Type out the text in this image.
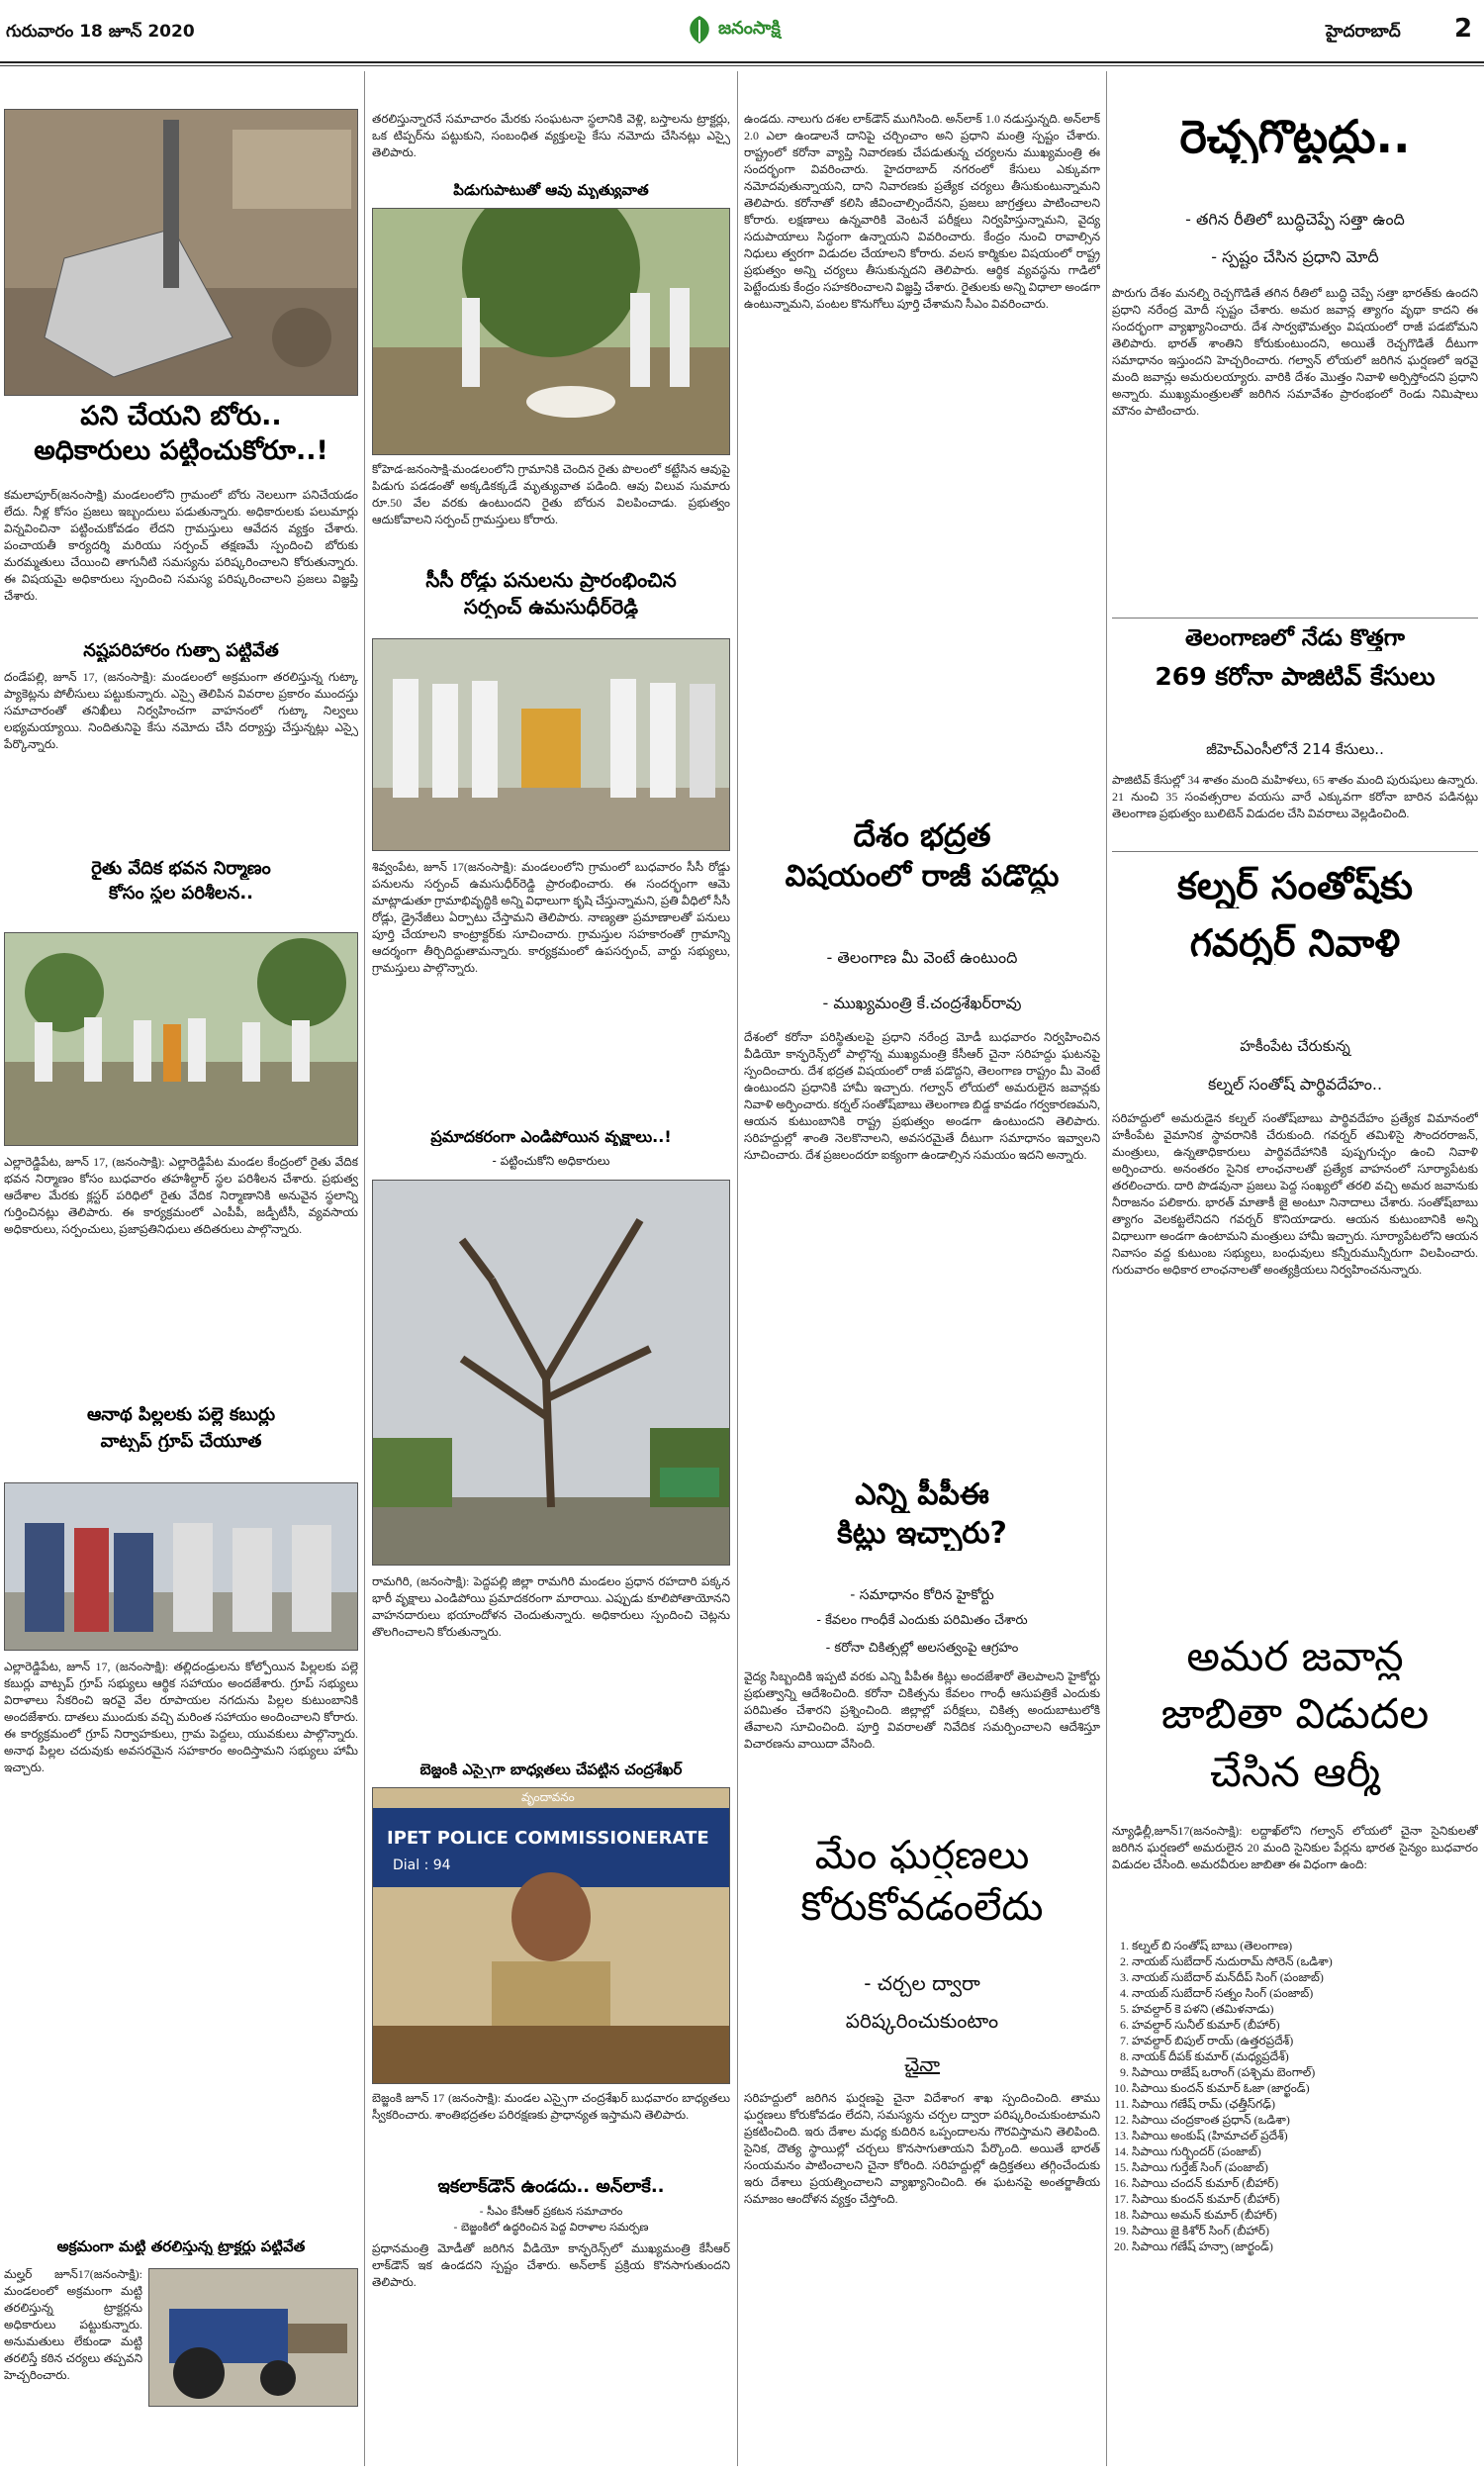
గురువారం 18 జూన్ 2020	జనంసాక్షి	హైదరాబాద్ 2

పని చేయని బోరు..

అధికారులు పట్టించుకోరూ..!

కమలాపూర్(జనంసాక్షి) మండలంలోని గ్రామంలో బోరు నెలలుగా పనిచేయడం లేదు. నీళ్ల కోసం ప్రజలు ఇబ్బందులు పడుతున్నారు. అధికారులకు పలుమార్లు విన్నవించినా పట్టించుకోవడం లేదని గ్రామస్తులు ఆవేదన వ్యక్తం చేశారు. పంచాయతీ కార్యదర్శి మరియు సర్పంచ్ తక్షణమే స్పందించి బోరుకు మరమ్మతులు చేయించి తాగునీటి సమస్యను పరిష్కరించాలని కోరుతున్నారు. ఈ విషయమై అధికారులు స్పందించి సమస్య పరిష్కరించాలని ప్రజలు విజ్ఞప్తి చేశారు.

నష్టపరిహారం గుత్పా పట్టివేత

దండేపల్లి, జూన్ 17, (జనంసాక్షి): మండలంలో అక్రమంగా తరలిస్తున్న గుట్కా ప్యాకెట్లను పోలీసులు పట్టుకున్నారు. ఎస్సై తెలిపిన వివరాల ప్రకారం ముందస్తు సమాచారంతో తనిఖీలు నిర్వహించగా వాహనంలో గుట్కా నిల్వలు లభ్యమయ్యాయి. నిందితునిపై కేసు నమోదు చేసి దర్యాప్తు చేస్తున్నట్లు ఎస్సై పేర్కొన్నారు.

రైతు వేదిక భవన నిర్మాణం

కోసం స్థల పరిశీలన..

ఎల్లారెడ్డిపేట, జూన్ 17, (జనంసాక్షి): ఎల్లారెడ్డిపేట మండల కేంద్రంలో రైతు వేదిక భవన నిర్మాణం కోసం బుధవారం తహశీల్దార్ స్థల పరిశీలన చేశారు. ప్రభుత్వ ఆదేశాల మేరకు క్లస్టర్ పరిధిలో రైతు వేదిక నిర్మాణానికి అనువైన స్థలాన్ని గుర్తించినట్లు తెలిపారు. ఈ కార్యక్రమంలో ఎంపీపీ, జడ్పీటీసీ, వ్యవసాయ అధికారులు, సర్పంచులు, ప్రజాప్రతినిధులు తదితరులు పాల్గొన్నారు.

ఆనాథ పిల్లలకు పల్లె కబుర్లు

వాట్సప్ గ్రూప్ చేయూత

ఎల్లారెడ్డిపేట, జూన్ 17, (జనంసాక్షి): తల్లిదండ్రులను కోల్పోయిన పిల్లలకు పల్లె కబుర్లు వాట్సప్ గ్రూప్ సభ్యులు ఆర్థిక సహాయం అందజేశారు. గ్రూప్ సభ్యులు విరాళాలు సేకరించి ఇరవై వేల రూపాయల నగదును పిల్లల కుటుంబానికి అందజేశారు. దాతలు ముందుకు వచ్చి మరింత సహాయం అందించాలని కోరారు. ఈ కార్యక్రమంలో గ్రూప్ నిర్వాహకులు, గ్రామ పెద్దలు, యువకులు పాల్గొన్నారు. అనాథ పిల్లల చదువుకు అవసరమైన సహకారం అందిస్తామని సభ్యులు హామీ ఇచ్చారు.

అక్రమంగా మట్టి తరలిస్తున్న ట్రాక్టర్లు పట్టివేత

మల్హర్ జూన్17(జనంసాక్షి): మండలంలో అక్రమంగా మట్టి తరలిస్తున్న ట్రాక్టర్లను అధికారులు పట్టుకున్నారు. అనుమతులు లేకుండా మట్టి తరలిస్తే కఠిన చర్యలు తప్పవని హెచ్చరించారు.

తరలిస్తున్నారనే సమాచారం మేరకు సంఘటనా స్థలానికి వెళ్లి, బస్తాలను ట్రాక్టర్లు, ఒక టిప్పర్‌ను పట్టుకుని, సంబంధిత వ్యక్తులపై కేసు నమోదు చేసినట్లు ఎస్సై తెలిపారు.

పిడుగుపాటుతో ఆవు మృత్యువాత

కోహెడ-జనంసాక్షి-మండలంలోని గ్రామానికి చెందిన రైతు పొలంలో కట్టేసిన ఆవుపై పిడుగు పడడంతో అక్కడికక్కడే మృత్యువాత పడింది. ఆవు విలువ సుమారు రూ.50 వేల వరకు ఉంటుందని రైతు బోరున విలపించాడు. ప్రభుత్వం ఆదుకోవాలని సర్పంచ్ గ్రామస్తులు కోరారు.

సీసీ రోడ్డు పనులను ప్రారంభించిన

సర్పంచ్ ఉమసుధీర్‌రెడ్డి

శివ్వంపేట, జూన్ 17(జనంసాక్షి): మండలంలోని గ్రామంలో బుధవారం సీసీ రోడ్డు పనులను సర్పంచ్ ఉమసుధీర్‌రెడ్డి ప్రారంభించారు. ఈ సందర్భంగా ఆమె మాట్లాడుతూ గ్రామాభివృద్ధికి అన్ని విధాలుగా కృషి చేస్తున్నామని, ప్రతి వీధిలో సీసీ రోడ్లు, డ్రైనేజీలు ఏర్పాటు చేస్తామని తెలిపారు. నాణ్యతా ప్రమాణాలతో పనులు పూర్తి చేయాలని కాంట్రాక్టర్‌కు సూచించారు. గ్రామస్తుల సహకారంతో గ్రామాన్ని ఆదర్శంగా తీర్చిదిద్దుతామన్నారు. కార్యక్రమంలో ఉపసర్పంచ్, వార్డు సభ్యులు, గ్రామస్తులు పాల్గొన్నారు.

ప్రమాదకరంగా ఎండిపోయిన వృక్షాలు..!

- పట్టించుకోని అధికారులు

రామగిరి, (జనంసాక్షి): పెద్దపల్లి జిల్లా రామగిరి మండలం ప్రధాన రహదారి పక్కన భారీ వృక్షాలు ఎండిపోయి ప్రమాదకరంగా మారాయి. ఎప్పుడు కూలిపోతాయోనని వాహనదారులు భయాందోళన చెందుతున్నారు. అధికారులు స్పందించి చెట్లను తొలగించాలని కోరుతున్నారు.

బెజ్జంకి ఎస్సైగా బాధ్యతలు చేపట్టిన చంద్రశేఖర్

వృందావనం
IPET POLICE COMMISSIONERATE
Dial : 94

బెజ్జంకి జూన్ 17 (జనంసాక్షి): మండల ఎస్సైగా చంద్రశేఖర్ బుధవారం బాధ్యతలు స్వీకరించారు. శాంతిభద్రతల పరిరక్షణకు ప్రాధాన్యత ఇస్తామని తెలిపారు.

ఇకలాక్‌డౌన్ ఉండదు.. అన్‌లాకే..

- సీఎం కేసీఆర్ ప్రకటన సమాచారం

- బెజ్జంకిలో ఉద్ధరించిన పెద్ద విరాళాల సమర్పణ

ప్రధానమంత్రి మోడీతో జరిగిన వీడియో కాన్ఫరెన్స్‌లో ముఖ్యమంత్రి కేసీఆర్ లాక్‌డౌన్ ఇక ఉండదని స్పష్టం చేశారు. అన్‌లాక్ ప్రక్రియ కొనసాగుతుందని తెలిపారు.

ఉండదు. నాలుగు దశల లాక్‌డౌన్ ముగిసింది. అన్‌లాక్ 1.0 నడుస్తున్నది. అన్‌లాక్ 2.0 ఎలా ఉండాలనే దానిపై చర్చించాం అని ప్రధాని మంత్రి స్పష్టం చేశారు. రాష్ట్రంలో కరోనా వ్యాప్తి నివారణకు చేపడుతున్న చర్యలను ముఖ్యమంత్రి ఈ సందర్భంగా వివరించారు. హైదరాబాద్ నగరంలో కేసులు ఎక్కువగా నమోదవుతున్నాయని, దాని నివారణకు ప్రత్యేక చర్యలు తీసుకుంటున్నామని తెలిపారు. కరోనాతో కలిసి జీవించాల్సిందేనని, ప్రజలు జాగ్రత్తలు పాటించాలని కోరారు. లక్షణాలు ఉన్నవారికి వెంటనే పరీక్షలు నిర్వహిస్తున్నామని, వైద్య సదుపాయాలు సిద్ధంగా ఉన్నాయని వివరించారు. కేంద్రం నుంచి రావాల్సిన నిధులు త్వరగా విడుదల చేయాలని కోరారు. వలస కార్మికుల విషయంలో రాష్ట్ర ప్రభుత్వం అన్ని చర్యలు తీసుకున్నదని తెలిపారు. ఆర్థిక వ్యవస్థను గాడిలో పెట్టేందుకు కేంద్రం సహకరించాలని విజ్ఞప్తి చేశారు. రైతులకు అన్ని విధాలా అండగా ఉంటున్నామని, పంటల కొనుగోలు పూర్తి చేశామని సీఎం వివరించారు.

దేశం భద్రత

విషయంలో రాజీ పడొద్దు

- తెలంగాణ మీ వెంటే ఉంటుంది

- ముఖ్యమంత్రి కే.చంద్రశేఖర్‌రావు

దేశంలో కరోనా పరిస్థితులపై ప్రధాని నరేంద్ర మోడీ బుధవారం నిర్వహించిన వీడియో కాన్ఫరెన్స్‌లో పాల్గొన్న ముఖ్యమంత్రి కేసీఆర్ చైనా సరిహద్దు ఘటనపై స్పందించారు. దేశ భద్రత విషయంలో రాజీ పడొద్దని, తెలంగాణ రాష్ట్రం మీ వెంటే ఉంటుందని ప్రధానికి హామీ ఇచ్చారు. గల్వాన్ లోయలో అమరులైన జవాన్లకు నివాళి అర్పించారు. కర్నల్ సంతోష్‌బాబు తెలంగాణ బిడ్డ కావడం గర్వకారణమని, ఆయన కుటుంబానికి రాష్ట్ర ప్రభుత్వం అండగా ఉంటుందని తెలిపారు. సరిహద్దుల్లో శాంతి నెలకొనాలని, అవసరమైతే దీటుగా సమాధానం ఇవ్వాలని సూచించారు. దేశ ప్రజలందరూ ఐక్యంగా ఉండాల్సిన సమయం ఇదని అన్నారు.

ఎన్ని పీపీఈ

కిట్లు ఇచ్చారు?

- సమాధానం కోరిన హైకోర్టు

- కేవలం గాంధీకే ఎందుకు పరిమితం చేశారు

- కరోనా చికిత్సల్లో అలసత్వంపై ఆగ్రహం

వైద్య సిబ్బందికి ఇప్పటి వరకు ఎన్ని పీపీఈ కిట్లు అందజేశారో తెలపాలని హైకోర్టు ప్రభుత్వాన్ని ఆదేశించింది. కరోనా చికిత్సను కేవలం గాంధీ ఆసుపత్రికే ఎందుకు పరిమితం చేశారని ప్రశ్నించింది. జిల్లాల్లో పరీక్షలు, చికిత్స అందుబాటులోకి తేవాలని సూచించింది. పూర్తి వివరాలతో నివేదిక సమర్పించాలని ఆదేశిస్తూ విచారణను వాయిదా వేసింది.

మేం ఘర్షణలు

కోరుకోవడంలేదు

- చర్చల ద్వారా

పరిష్కరించుకుంటాం

చైనా

సరిహద్దులో జరిగిన ఘర్షణపై చైనా విదేశాంగ శాఖ స్పందించింది. తాము ఘర్షణలు కోరుకోవడం లేదని, సమస్యను చర్చల ద్వారా పరిష్కరించుకుంటామని ప్రకటించింది. ఇరు దేశాల మధ్య కుదిరిన ఒప్పందాలను గౌరవిస్తామని తెలిపింది. సైనిక, దౌత్య స్థాయిల్లో చర్చలు కొనసాగుతాయని పేర్కొంది. అయితే భారత్ సంయమనం పాటించాలని చైనా కోరింది. సరిహద్దుల్లో ఉద్రిక్తతలు తగ్గించేందుకు ఇరు దేశాలు ప్రయత్నించాలని వ్యాఖ్యానించింది. ఈ ఘటనపై అంతర్జాతీయ సమాజం ఆందోళన వ్యక్తం చేస్తోంది.

రెచ్చగొట్టద్దు..

- తగిన రీతిలో బుద్ధిచెప్పే సత్తా ఉంది

- స్పష్టం చేసిన ప్రధాని మోదీ

పొరుగు దేశం మనల్ని రెచ్చగొడితే తగిన రీతిలో బుద్ధి చెప్పే సత్తా భారత్‌కు ఉందని ప్రధాని నరేంద్ర మోదీ స్పష్టం చేశారు. అమర జవాన్ల త్యాగం వృథా కాదని ఈ సందర్భంగా వ్యాఖ్యానించారు. దేశ సార్వభౌమత్వం విషయంలో రాజీ పడబోమని తెలిపారు. భారత్ శాంతిని కోరుకుంటుందని, అయితే రెచ్చగొడితే దీటుగా సమాధానం ఇస్తుందని హెచ్చరించారు. గల్వాన్ లోయలో జరిగిన ఘర్షణలో ఇరవై మంది జవాన్లు అమరులయ్యారు. వారికి దేశం మొత్తం నివాళి అర్పిస్తోందని ప్రధాని అన్నారు. ముఖ్యమంత్రులతో జరిగిన సమావేశం ప్రారంభంలో రెండు నిమిషాలు మౌనం పాటించారు.

తెలంగాణలో నేడు కొత్తగా

269 కరోనా పాజిటివ్ కేసులు

జీహెచ్‌ఎంసీలోనే 214 కేసులు..

పాజిటివ్ కేసుల్లో 34 శాతం మంది మహిళలు, 65 శాతం మంది పురుషులు ఉన్నారు. 21 నుంచి 35 సంవత్సరాల వయసు వారే ఎక్కువగా కరోనా బారిన పడినట్లు తెలంగాణ ప్రభుత్వం బులిటెన్ విడుదల చేసి వివరాలు వెల్లడించింది.

కల్నర్ సంతోష్‌కు

గవర్నర్ నివాళి

హకీంపేట చేరుకున్న

కల్నల్ సంతోష్ పార్థివదేహం..

సరిహద్దులో అమరుడైన కల్నల్ సంతోష్‌బాబు పార్థివదేహం ప్రత్యేక విమానంలో హకీంపేట వైమానిక స్థావరానికి చేరుకుంది. గవర్నర్ తమిళిసై సౌందరరాజన్, మంత్రులు, ఉన్నతాధికారులు పార్థివదేహానికి పుష్పగుచ్ఛం ఉంచి నివాళి అర్పించారు. అనంతరం సైనిక లాంఛనాలతో ప్రత్యేక వాహనంలో సూర్యాపేటకు తరలించారు. దారి పొడవునా ప్రజలు పెద్ద సంఖ్యలో తరలి వచ్చి అమర జవానుకు నీరాజనం పలికారు. భారత్ మాతాకీ జై అంటూ నినాదాలు చేశారు. సంతోష్‌బాబు త్యాగం వెలకట్టలేనిదని గవర్నర్ కొనియాడారు. ఆయన కుటుంబానికి అన్ని విధాలుగా అండగా ఉంటామని మంత్రులు హామీ ఇచ్చారు. సూర్యాపేటలోని ఆయన నివాసం వద్ద కుటుంబ సభ్యులు, బంధువులు కన్నీరుమున్నీరుగా విలపించారు. గురువారం అధికార లాంఛనాలతో అంత్యక్రియలు నిర్వహించనున్నారు.

అమర జవాన్ల

జాబితా విడుదల

చేసిన ఆర్మీ

న్యూఢిల్లీ,జూన్17(జనంసాక్షి): లద్దాఖ్‌లోని గల్వాన్ లోయలో చైనా సైనికులతో జరిగిన ఘర్షణలో అమరులైన 20 మంది సైనికుల పేర్లను భారత సైన్యం బుధవారం విడుదల చేసింది. అమరవీరుల జాబితా ఈ విధంగా ఉంది:

1. కల్నల్ బి సంతోష్ బాబు (తెలంగాణ)
2. నాయబ్ సుబేదార్ నుదురామ్ సోరెన్ (ఒడిశా)
3. నాయబ్ సుబేదార్ మన్‌దీప్ సింగ్ (పంజాబ్)
4. నాయబ్ సుబేదార్ సత్నం సింగ్ (పంజాబ్)
5. హవల్దార్ కె పళని (తమిళనాడు)
6. హవల్దార్ సునీల్ కుమార్ (బీహార్)
7. హవల్దార్ బిపుల్ రాయ్ (ఉత్తరప్రదేశ్)
8. నాయక్ దీపక్ కుమార్ (మధ్యప్రదేశ్)
9. సిపాయి రాజేష్ ఒరాంగ్ (పశ్చిమ బెంగాల్)
10. సిపాయి కుందన్ కుమార్ ఓజా (జార్ఖండ్)
11. సిపాయి గణేష్ రామ్ (ఛత్తీస్‌గఢ్)
12. సిపాయి చంద్రకాంత ప్రధాన్ (ఒడిశా)
13. సిపాయి అంకుష్ (హిమాచల్ ప్రదేశ్)
14. సిపాయి గుర్బిందర్ (పంజాబ్)
15. సిపాయి గుర్తేజ్ సింగ్ (పంజాబ్)
16. సిపాయి చందన్ కుమార్ (బీహార్)
17. సిపాయి కుందన్ కుమార్ (బీహార్)
18. సిపాయి అమన్ కుమార్ (బీహార్)
19. సిపాయి జై కిశోర్ సింగ్ (బీహార్)
20. సిపాయి గణేష్ హన్సా (జార్ఖండ్)
